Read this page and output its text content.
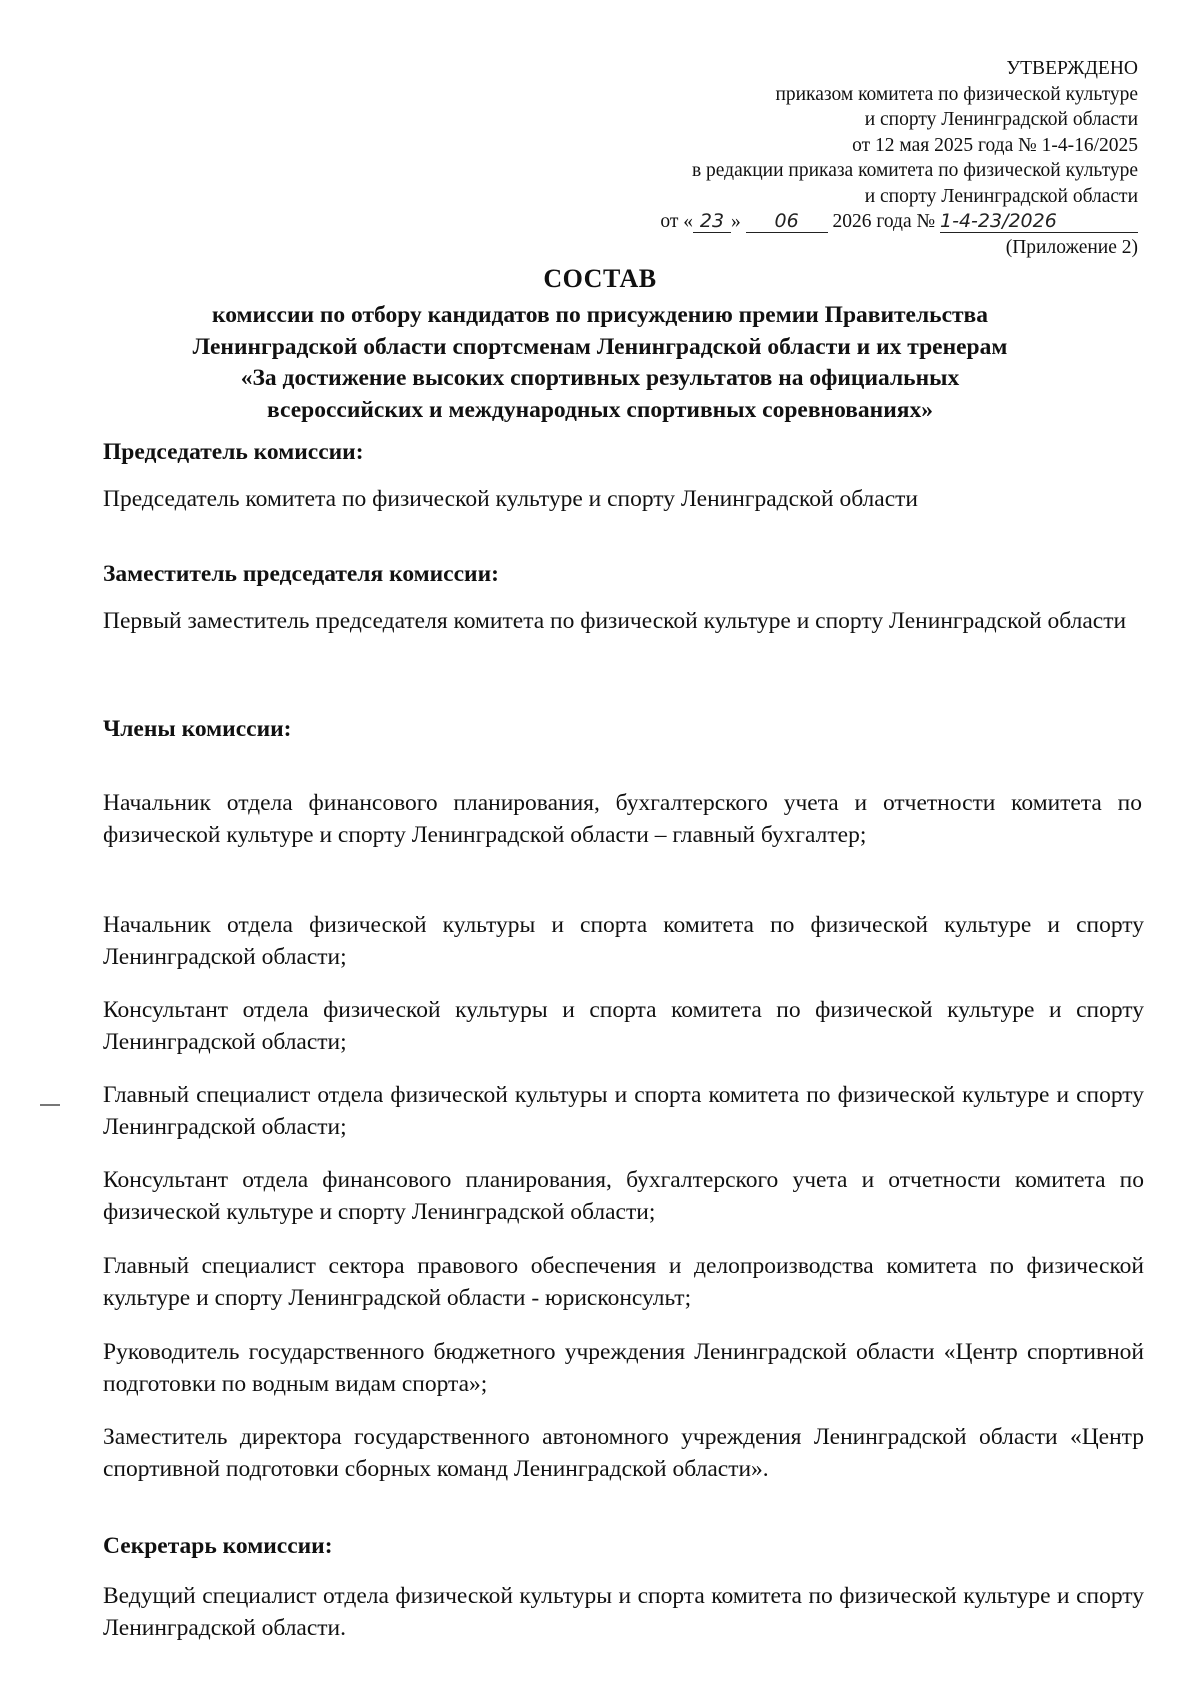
УТВЕРЖДЕНО
приказом комитета по физической культуре
и спорту Ленинградской области
от 12 мая 2025 года № 1-4-16/2025
в редакции приказа комитета по физической культуре
и спорту Ленинградской области
от « 23 » 06 2026 года № 1-4-23/2026
(Приложение 2)
СОСТАВ
комиссии по отбору кандидатов по присуждению премии Правительства
Ленинградской области спортсменам Ленинградской области и их тренерам
«За достижение высоких спортивных результатов на официальных
всероссийских и международных спортивных соревнованиях»
Председатель комиссии:
Председатель комитета по физической культуре и спорту Ленинградской области
Заместитель председателя комиссии:
Первый заместитель председателя комитета по физической культуре и спорту Ленинградской области
Члены комиссии:
Начальник отдела финансового планирования, бухгалтерского учета и отчетности комитета по физической культуре и спорту Ленинградской области – главный бухгалтер;
Начальник отдела физической культуры и спорта комитета по физической культуре и спорту Ленинградской области;
Консультант отдела физической культуры и спорта комитета по физической культуре и спорту Ленинградской области;
Главный специалист отдела физической культуры и спорта комитета по физической культуре и спорту Ленинградской области;
Консультант отдела финансового планирования, бухгалтерского учета и отчетности комитета по физической культуре и спорту Ленинградской области;
Главный специалист сектора правового обеспечения и делопроизводства комитета по физической культуре и спорту Ленинградской области - юрисконсульт;
Руководитель государственного бюджетного учреждения Ленинградской области «Центр спортивной подготовки по водным видам спорта»;
Заместитель директора государственного автономного учреждения Ленинградской области «Центр спортивной подготовки сборных команд Ленинградской области».
Секретарь комиссии:
Ведущий специалист отдела физической культуры и спорта комитета по физической культуре и спорту Ленинградской области.
